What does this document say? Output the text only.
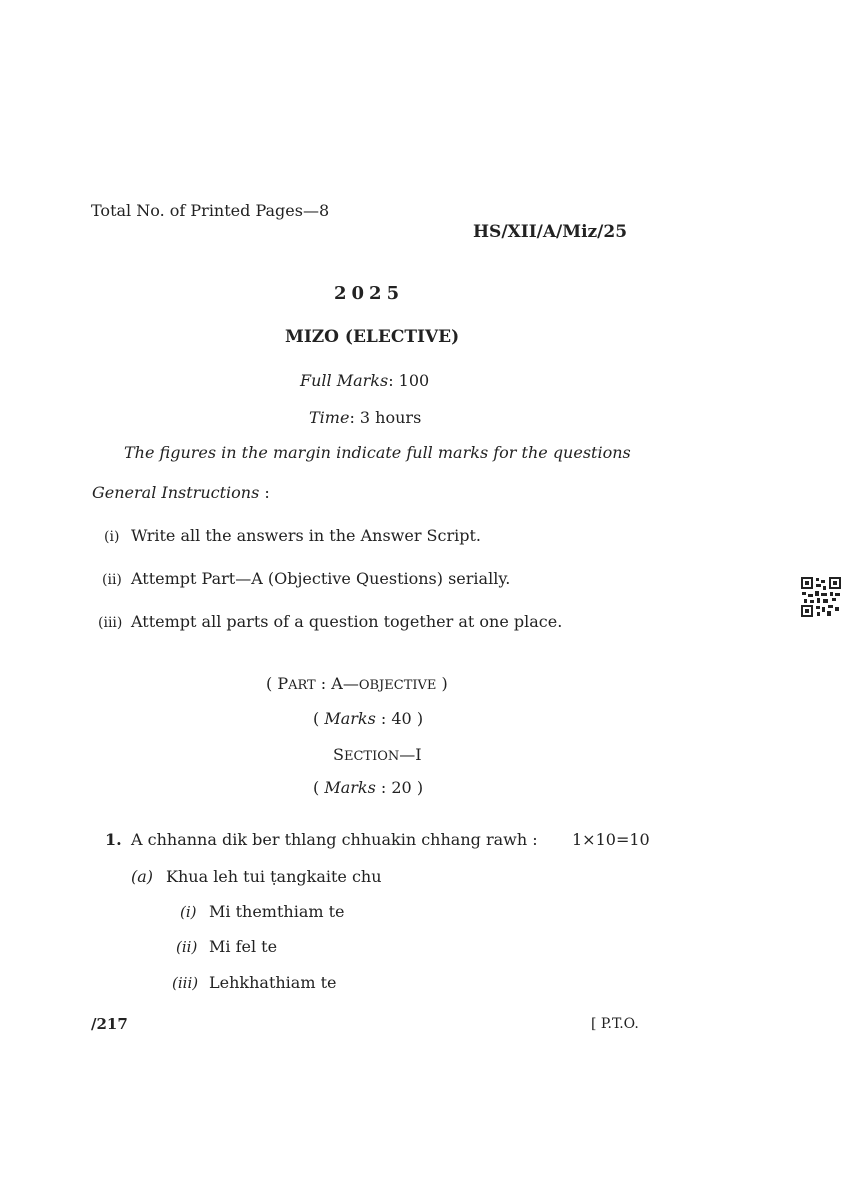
Total No. of Printed Pages—8
HS/XII/A/Miz/25
2025
MIZO (ELECTIVE)
Full Marks: 100
Time: 3 hours
The figures in the margin indicate full marks for the questions
General Instructions :
(i) Write all the answers in the Answer Script.
(ii) Attempt Part—A (Objective Questions) serially.
(iii) Attempt all parts of a question together at one place.
( PART : A—OBJECTIVE )
( Marks : 40 )
SECTION—I
( Marks : 20 )
1. A chhanna dik ber thlang chhuakin chhang rawh : 1×10=10
(a) Khua leh tui ṭangkaite chu
(i) Mi themthiam te
(ii) Mi fel te
(iii) Lehkhathiam te
/217	[ P.T.O.
